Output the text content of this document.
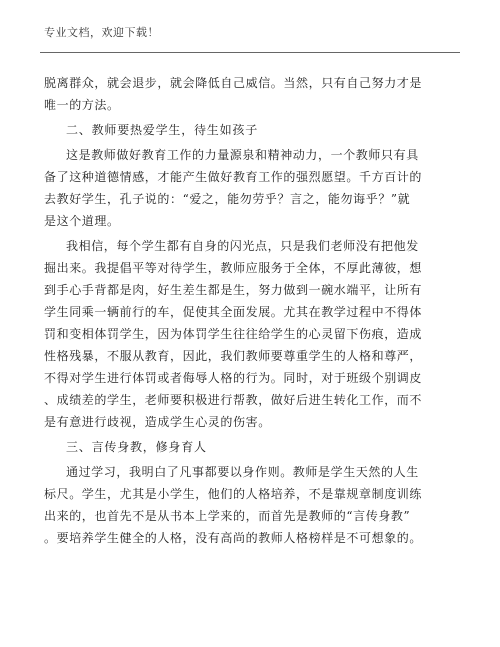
专业文档，欢迎下载！
脱离群众，就会退步，就会降低自己威信。当然，只有自己努力才是
唯一的方法。
二、教师要热爱学生，待生如孩子
这是教师做好教育工作的力量源泉和精神动力，一个教师只有具
备了这种道德情感，才能产生做好教育工作的强烈愿望。千方百计的
去教好学生，孔子说的：“爱之，能勿劳乎？言之，能勿诲乎？”就
是这个道理。
我相信，每个学生都有自身的闪光点，只是我们老师没有把他发
掘出来。我提倡平等对待学生，教师应服务于全体，不厚此薄彼，想
到手心手背都是肉，好生差生都是生，努力做到一碗水端平，让所有
学生同乘一辆前行的车，促使其全面发展。尤其在教学过程中不得体
罚和变相体罚学生，因为体罚学生往往给学生的心灵留下伤痕，造成
性格残暴，不服从教育，因此，我们教师要尊重学生的人格和尊严，
不得对学生进行体罚或者侮辱人格的行为。同时，对于班级个别调皮
、成绩差的学生，老师要积极进行帮教，做好后进生转化工作，而不
是有意进行歧视，造成学生心灵的伤害。
三、言传身教，修身育人
通过学习，我明白了凡事都要以身作则。教师是学生天然的人生
标尺。学生，尤其是小学生，他们的人格培养，不是靠规章制度训练
出来的，也首先不是从书本上学来的，而首先是教师的“言传身教”
。要培养学生健全的人格，没有高尚的教师人格榜样是不可想象的。
